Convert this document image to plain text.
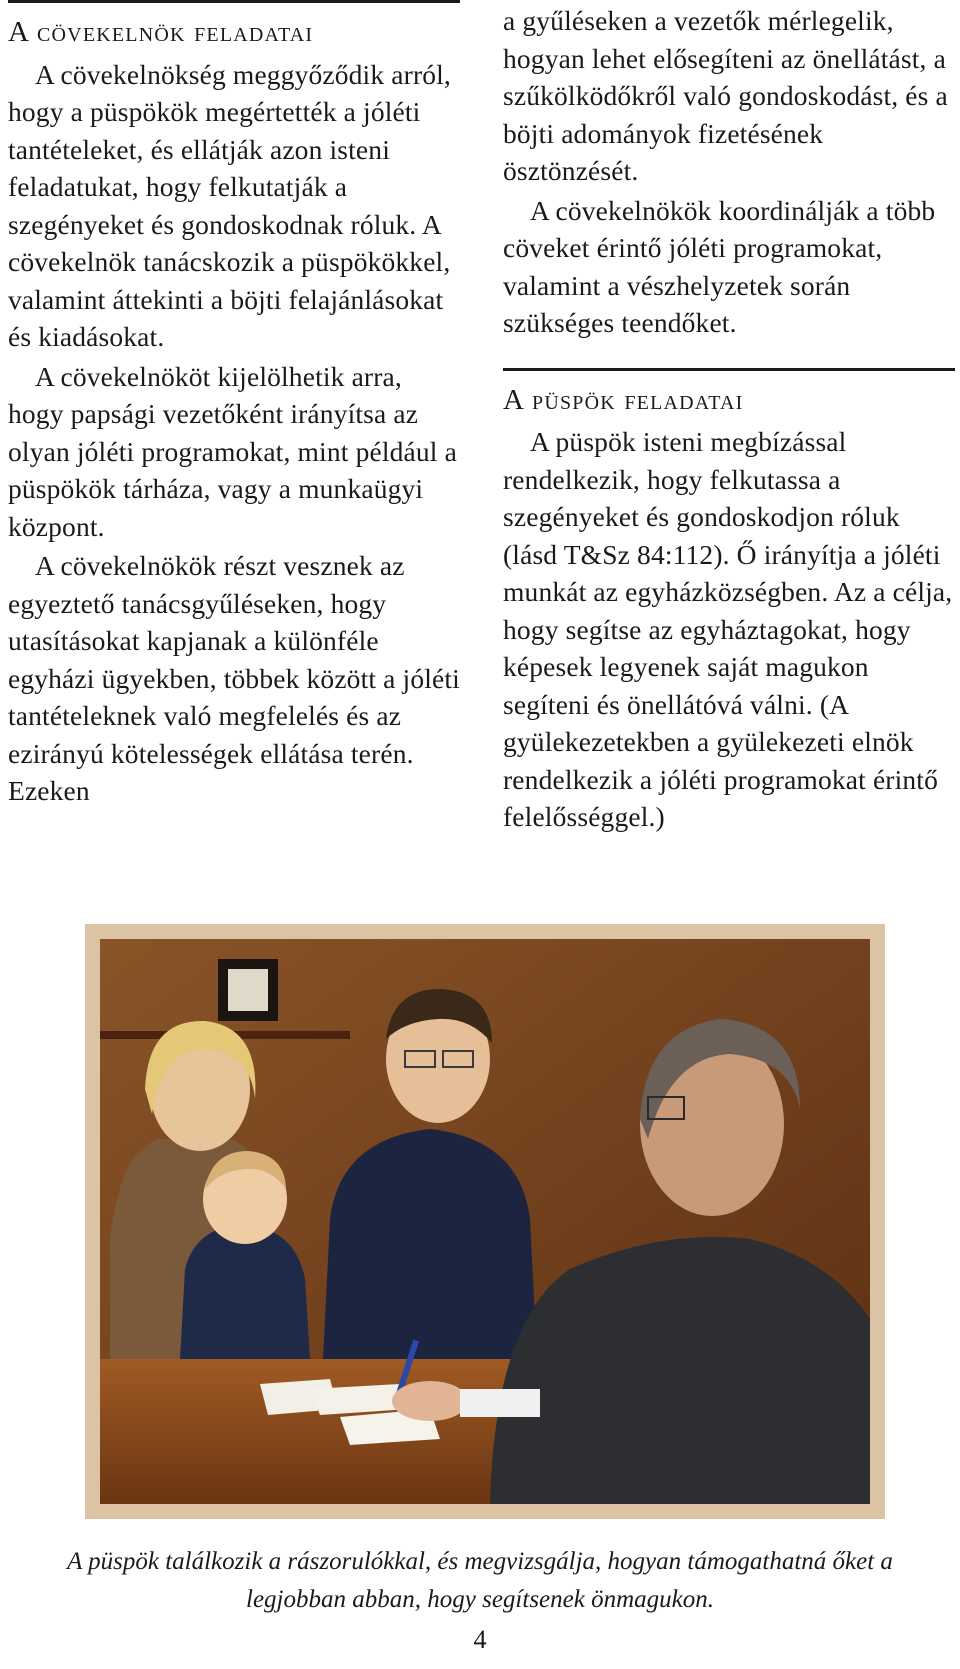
A cövekelnök feladatai

A cövekelnökség meggyőződik arról, hogy a püspökök megértették a jóléti tantételeket, és ellátják azon isteni feladatukat, hogy felkutatják a szegényeket és gondoskodnak róluk. A cövekelnök tanácskozik a püspökökkel, valamint áttekinti a böjti felajánlásokat és kiadásokat.

A cövekelnököt kijelölhetik arra, hogy papsági vezetőként irányítsa az olyan jóléti programokat, mint például a püspökök tárháza, vagy a munkaügyi központ.

A cövekelnökök részt vesznek az egyeztető tanácsgyűléseken, hogy utasításokat kapjanak a különféle egyházi ügyekben, többek között a jóléti tantételeknek való megfelelés és az ezirányú kötelességek ellátása terén. Ezeken

a gyűléseken a vezetők mérlegelik, hogyan lehet elősegíteni az önellátást, a szűkölködőkről való gondoskodást, és a böjti adományok fizetésének ösztönzését.

A cövekelnökök koordinálják a több cöveket érintő jóléti programokat, valamint a vészhelyzetek során szükséges teendőket.

A püspök feladatai

A püspök isteni megbízással rendelkezik, hogy felkutassa a szegényeket és gondoskodjon róluk (lásd T&Sz 84:112). Ő irányítja a jóléti munkát az egyházközségben. Az a célja, hogy segítse az egyháztagokat, hogy képesek legyenek saját magukon segíteni és önellátóvá válni. (A gyülekezetekben a gyülekezeti elnök rendelkezik a jóléti programokat érintő felelősséggel.)

A püspök találkozik a rászorulókkal, és megvizsgálja, hogyan támogathatná őket a legjobban abban, hogy segítsenek önmagukon.

4
